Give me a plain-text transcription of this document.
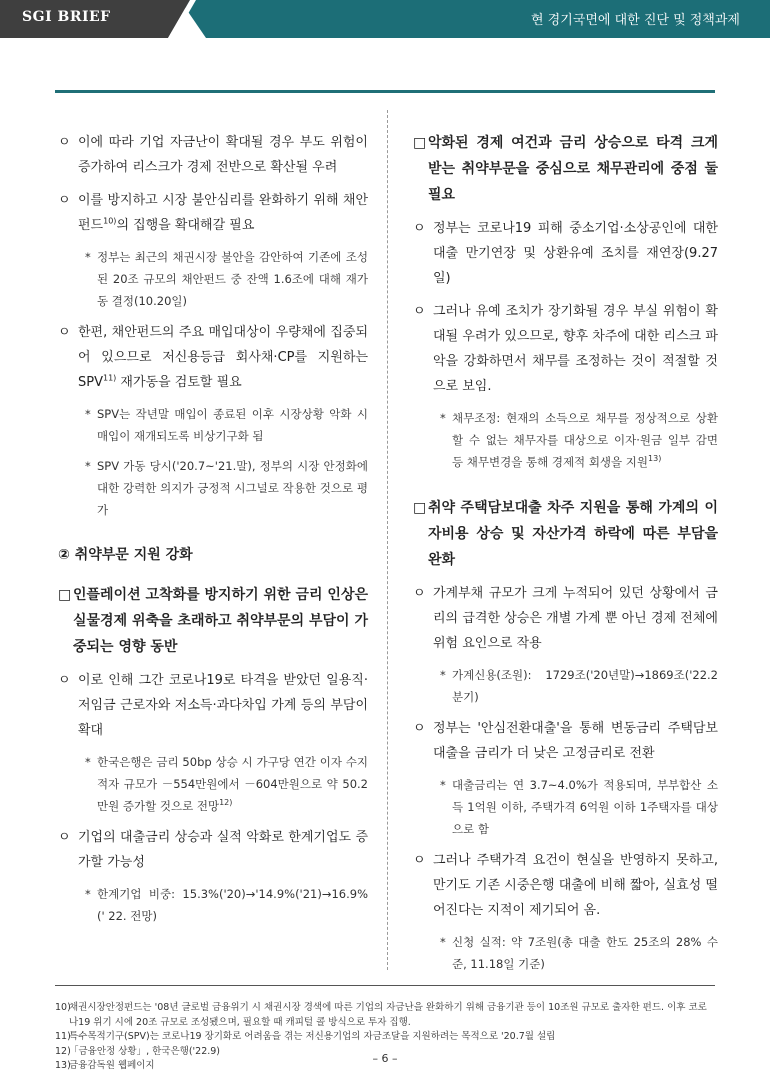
SGI BRIEF	현 경기국면에 대한 진단 및 정책과제

ㅇ 이에 따라 기업 자금난이 확대될 경우 부도 위험이 증가하여 리스크가 경제 전반으로 확산될 우려

ㅇ 이를 방지하고 시장 불안심리를 완화하기 위해 채안펀드$^{10)}$의 집행을 확대해갈 필요

* 정부는 최근의 채권시장 불안을 감안하여 기존에 조성된 20조 규모의 채안펀드 중 잔액 1.6조에 대해 재가동 결정(10.20일)

ㅇ 한편, 채안펀드의 주요 매입대상이 우량채에 집중되어 있으므로 저신용등급 회사채·CP를 지원하는 SPV$^{11)}$ 재가동을 검토할 필요

* SPV는 작년말 매입이 종료된 이후 시장상황 악화 시 매입이 재개되도록 비상기구화 됨

* SPV 가동 당시('20.7~'21.말), 정부의 시장 안정화에 대한 강력한 의지가 긍정적 시그널로 작용한 것으로 평가

② 취약부문 지원 강화

□ 인플레이션 고착화를 방지하기 위한 금리 인상은 실물경제 위축을 초래하고 취약부문의 부담이 가중되는 영향 동반

ㅇ 이로 인해 그간 코로나19로 타격을 받았던 일용직·저임금 근로자와 저소득·과다차입 가계 등의 부담이 확대

* 한국은행은 금리 50bp 상승 시 가구당 연간 이자 수지 적자 규모가 －554만원에서 －604만원으로 약 50.2만원 증가할 것으로 전망$^{12)}$

ㅇ 기업의 대출금리 상승과 실적 악화로 한계기업도 증가할 가능성

* 한계기업 비중: 15.3%('20)→'14.9%('21)→16.9%(' 22. 전망)

□ 악화된 경제 여건과 금리 상승으로 타격 크게 받는 취약부문을 중심으로 채무관리에 중점 둘 필요

ㅇ 정부는 코로나19 피해 중소기업·소상공인에 대한 대출 만기연장 및 상환유예 조치를 재연장(9.27일)

ㅇ 그러나 유예 조치가 장기화될 경우 부실 위험이 확대될 우려가 있으므로, 향후 차주에 대한 리스크 파악을 강화하면서 채무를 조정하는 것이 적절할 것으로 보임.

* 채무조정: 현재의 소득으로 채무를 정상적으로 상환할 수 없는 채무자를 대상으로 이자·원금 일부 감면 등 채무변경을 통해 경제적 회생을 지원$^{13)}$

□ 취약 주택담보대출 차주 지원을 통해 가계의 이자비용 상승 및 자산가격 하락에 따른 부담을 완화

ㅇ 가계부채 규모가 크게 누적되어 있던 상황에서 금리의 급격한 상승은 개별 가계 뿐 아닌 경제 전체에 위험 요인으로 작용

* 가계신용(조원): 1729조('20년말)→1869조('22.2분기)

ㅇ 정부는 '안심전환대출'을 통해 변동금리 주택담보대출을 금리가 더 낮은 고정금리로 전환

* 대출금리는 연 3.7~4.0%가 적용되며, 부부합산 소득 1억원 이하, 주택가격 6억원 이하 1주택자를 대상으로 함

ㅇ 그러나 주택가격 요건이 현실을 반영하지 못하고, 만기도 기존 시중은행 대출에 비해 짧아, 실효성 떨어진다는 지적이 제기되어 옴.

* 신청 실적: 약 7조원(총 대출 한도 25조의 28% 수준, 11.18일 기준)

10)
채권시장안정펀드는 '08년 글로벌 금융위기 시 채권시장 경색에 따른 기업의 자금난을 완화하기 위해 금융기관 등이 10조원 규모로 출자한 펀드. 이후 코로나19 위기 시에 20조 규모로 조성됐으며, 필요할 때 캐피털 콜 방식으로 투자 집행.
11)
특수목적기구(SPV)는 코로나19 장기화로 어려움을 겪는 저신용기업의 자금조달을 지원하려는 목적으로 '20.7월 설립
12)
「금융안정 상황」, 한국은행('22.9)
13)
금융감독원 웹페이지
– 6 –
